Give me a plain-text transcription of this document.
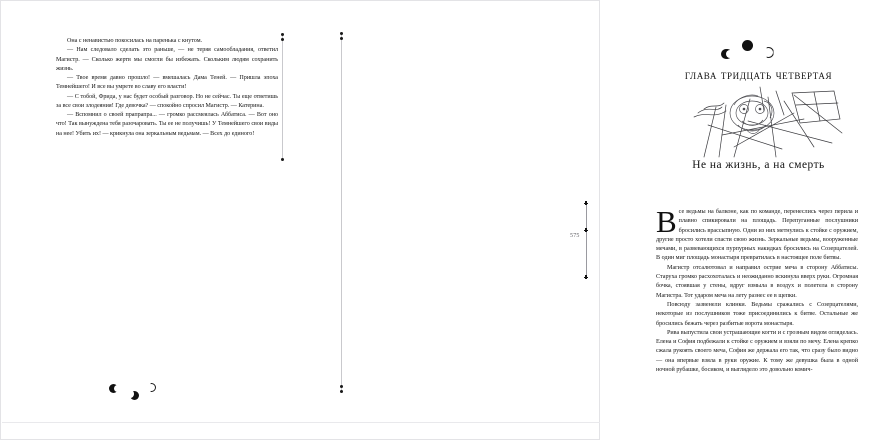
Она с ненавистью покосилась на паренька с кнутом.

— Нам следовало сделать это раньше, — не теряя самообладания, ответил Магистр. — Сколько жертв мы смогли бы избежать. Скольким людям сохранить жизнь.

— Твое время давно прошло! — вмешалась Дама Теней. — Пришла эпоха Темнейшего! И все вы умрете во славу его власти!

— С тобой, Фрида, у нас будет особый разговор. Но не сейчас. Ты еще ответишь за все свои злодеяния! Где девочка? — спокойно спросил Магистр. — Катерина.

— Вспомнил о своей прапрапра... — громко рассмеялась Аббатиса. — Вот оно что! Так вынуждена тебя разочаровать. Ты ее не получишь! У Темнейшего свои виды на нее! Убить их! — крикнула она зеркальным ведьмам. — Всех до единого!

глава тридцать четвертая
Не на жизнь, а на смерть

Все ведьмы на балконе, как по команде, перенеслись через перила и плавно спикировали на площадь. Перепуганные послушники бросились врассыпную. Одни из них метнулись к стойке с оружием, другие просто хотели спасти свою жизнь. Зеркальные ведьмы, вооруженные мечами, в развевающихся пурпурных накидках бросились на Созерцателей. В один миг площадь монастыря превратилась в настоящее поле битвы.

Магистр отсалютовал и направил острие меча в сторону Аббатисы. Старуха громко расхохоталась и неожиданно вскинула вверх руки. Огромная бочка, стоявшая у стены, вдруг взмыла в воздух и полетела в сторону Магистра. Тот ударом меча на лету разнес ее в щепки.

Повсюду зазвенели клинки. Ведьмы сражались с Созерцателями, некоторые из послушников тоже присоединились к битве. Остальные же бросились бежать через разбитые ворота монастыря.

Рива выпустила свои устрашающие когти и с грозным видом огляделась. Елена и София подбежали к стойке с оружием и взяли по мечу. Елена крепко сжала рукоять своего меча, София же держала его так, что сразу было видно — она впервые взяла в руки оружие. К тому же девушка была в одной ночной рубашке, босиком, и выглядело это довольно комич-

575
